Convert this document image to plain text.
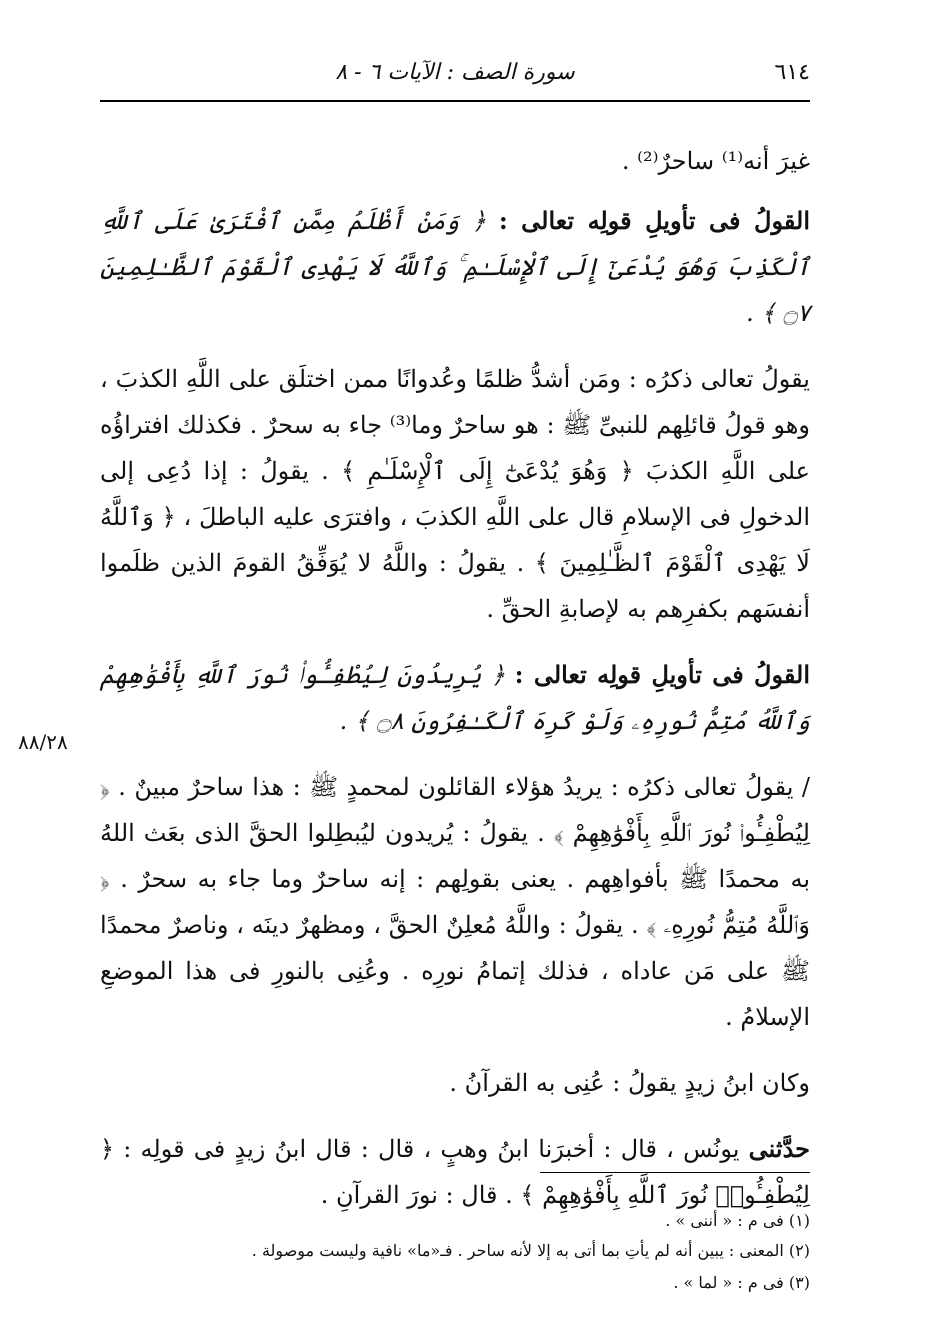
٦١٤
سورة الصف : الآيات ٦ - ٨
٨٨/٢٨

غيرَ أنه⁽¹⁾ ساحرٌ⁽²⁾ .

القولُ فى تأويلِ قولِه تعالى : ﴿ وَمَنْ أَظْلَمُ مِمَّنِ ٱفْتَرَىٰ عَلَى ٱللَّهِ ٱلْكَذِبَ وَهُوَ يُدْعَىٰٓ إِلَى ٱلْإِسْلَـٰمِ ۚ وَٱللَّهُ لَا يَهْدِى ٱلْقَوْمَ ٱلظَّـٰلِمِينَ ۝٧ ﴾ .

يقولُ تعالى ذكرُه : ومَن أشدُّ ظلمًا وعُدوانًا ممن اختلَق على اللَّهِ الكذبَ ، وهو قولُ قائلِهم للنبىِّ ﷺ : هو ساحرٌ وما⁽³⁾ جاء به سحرٌ . فكذلك افتراؤُه على اللَّهِ الكذبَ ﴿ وَهُوَ يُدْعَىٰٓ إِلَى ٱلْإِسْلَـٰمِ ﴾ . يقولُ : إذا دُعِى إلى الدخولِ فى الإسلامِ قال على اللَّهِ الكذبَ ، وافترَى عليه الباطلَ ، ﴿ وَٱللَّهُ لَا يَهْدِى ٱلْقَوْمَ ٱلظَّـٰلِمِينَ ﴾ . يقولُ : واللَّهُ لا يُوَفِّقُ القومَ الذين ظلَموا أنفسَهم بكفرِهم به لإصابةِ الحقِّ .

القولُ فى تأويلِ قولِه تعالى : ﴿ يُرِيدُونَ لِيُطْفِـُٔوا۟ نُورَ ٱللَّهِ بِأَفْوَٰهِهِمْ وَٱللَّهُ مُتِمُّ نُورِهِۦ وَلَوْ كَرِهَ ٱلْكَـٰفِرُونَ ۝٨ ﴾ .

/ يقولُ تعالى ذكرُه : يريدُ هؤلاء القائلون لمحمدٍ ﷺ : هذا ساحرٌ مبينٌ . ﴿ لِيُطْفِـُٔوا۟ نُورَ ٱللَّهِ بِأَفْوَٰهِهِمْ ﴾ . يقولُ : يُريدون ليُبطِلوا الحقَّ الذى بعَث اللهُ به محمدًا ﷺ بأفواهِهم . يعنى بقولِهم : إنه ساحرٌ وما جاء به سحرٌ . ﴿ وَٱللَّهُ مُتِمُّ نُورِهِۦ ﴾ . يقولُ : واللَّهُ مُعلِنٌ الحقَّ ، ومظهرٌ دينَه ، وناصرٌ محمدًا ﷺ على مَن عاداه ، فذلك إتمامُ نورِه . وعُنِى بالنورِ فى هذا الموضعِ الإسلامُ .

وكان ابنُ زيدٍ يقولُ : عُنِى به القرآنُ .

حدَّثنى يونُس ، قال : أخبرَنا ابنُ وهبٍ ، قال : قال ابنُ زيدٍ فى قولِه : ﴿ لِيُطْفِـُٔوا۟ نُورَ ٱللَّهِ بِأَفْوَٰهِهِمْ ﴾ . قال : نورَ القرآنِ .

(١) فى م : « أننى » .
(٢) المعنى : يبين أنه لم يأتِ بما أتى به إلا لأنه ساحر . فـ«ما» نافية وليست موصولة .
(٣) فى م : « لما » .
